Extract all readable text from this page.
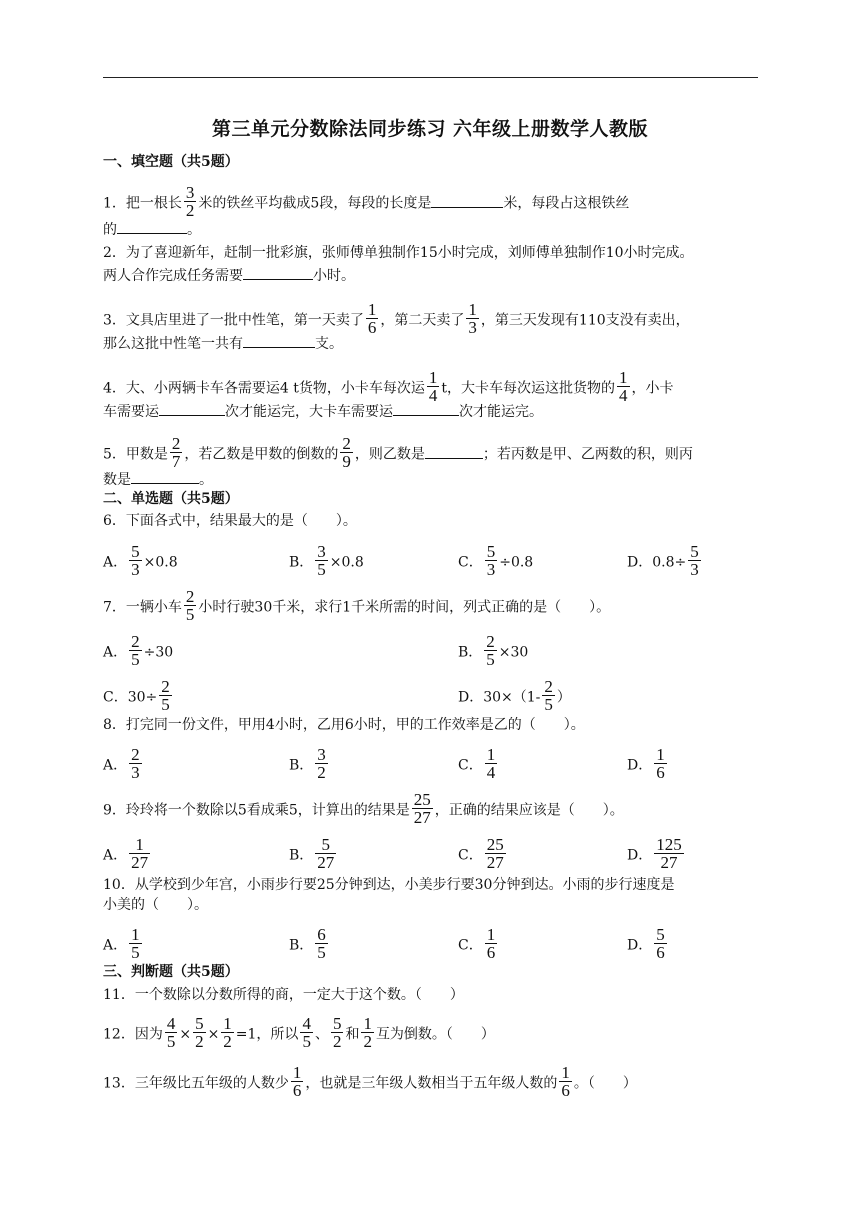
第三单元分数除法同步练习 六年级上册数学人教版
一、填空题（共5题）
1．把一根长 $\frac{3}{2}$ 米的铁丝平均截成5段，每段的长度是	米，每段占这根铁丝
的	。
2．为了喜迎新年，赶制一批彩旗，张师傅单独制作15小时完成，刘师傅单独制作10小时完成。
两人合作完成任务需要	小时。
3．文具店里进了一批中性笔，第一天卖了 $\frac{1}{6}$ ，第二天卖了 $\frac{1}{3}$ ，第三天发现有110支没有卖出，
那么这批中性笔一共有	支。
4．大、小两辆卡车各需要运4 t货物，小卡车每次运 $\frac{1}{4}$ t，大卡车每次运这批货物的 $\frac{1}{4}$ ，小卡
车需要运	次才能运完，大卡车需要运	次才能运完。
5．甲数是 $\frac{2}{7}$ ，若乙数是甲数的倒数的 $\frac{2}{9}$ ，则乙数是	；若丙数是甲、乙两数的积，则丙
数是	。
二、单选题（共5题）
6．下面各式中，结果最大的是（　　）。
A． $\frac{5}{3} \times 0.8$	B． $\frac{3}{5} \times 0.8$	C． $\frac{5}{3} \div 0.8$	D．$0.8\div \frac{5}{3}$
7．一辆小车 $\frac{2}{5}$ 小时行驶30千米，求行1千米所需的时间，列式正确的是（　　）。
A． $\frac{2}{5} \div 30$	B． $\frac{2}{5} \times 30$
C．$30\div \frac{2}{5}$	D．$30\times(1- \frac{2}{5}$ ）
8．打完同一份文件，甲用4小时，乙用6小时，甲的工作效率是乙的（　　）。
A． $\frac{2}{3}$	B． $\frac{3}{2}$	C． $\frac{1}{4}$	D． $\frac{1}{6}$
9．玲玲将一个数除以5看成乘5，计算出的结果是 $\frac{25}{27}$ ，正确的结果应该是（　　）。
A． $\frac{1}{27}$	B． $\frac{5}{27}$	C． $\frac{25}{27}$	D． $\frac{125}{27}$
10．从学校到少年宫，小雨步行要25分钟到达，小美步行要30分钟到达。小雨的步行速度是
小美的（　　）。
A． $\frac{1}{5}$	B． $\frac{6}{5}$	C． $\frac{1}{6}$	D． $\frac{5}{6}$
三、判断题（共5题）
11．一个数除以分数所得的商，一定大于这个数。（　　）
12．因为 $\frac{4}{5} \times \frac{5}{2} \times \frac{1}{2} =1$，所以 $\frac{4}{5}$ 、 $\frac{5}{2}$ 和 $\frac{1}{2}$ 互为倒数。（　　）
13．三年级比五年级的人数少 $\frac{1}{6}$ ，也就是三年级人数相当于五年级人数的 $\frac{1}{6}$ 。（　　）
